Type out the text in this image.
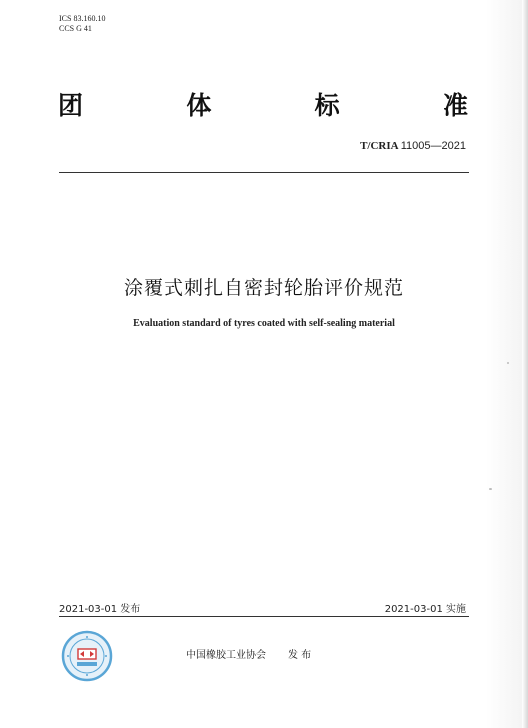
ICS 83.160.10
CCS G 41
团	体	标	准
T/CRIA 11005—2021
涂覆式刺扎自密封轮胎评价规范
Evaluation standard of tyres coated with self-sealing material
2021-03-01 发布	2021-03-01 实施
中国橡胶工业协会 发 布
